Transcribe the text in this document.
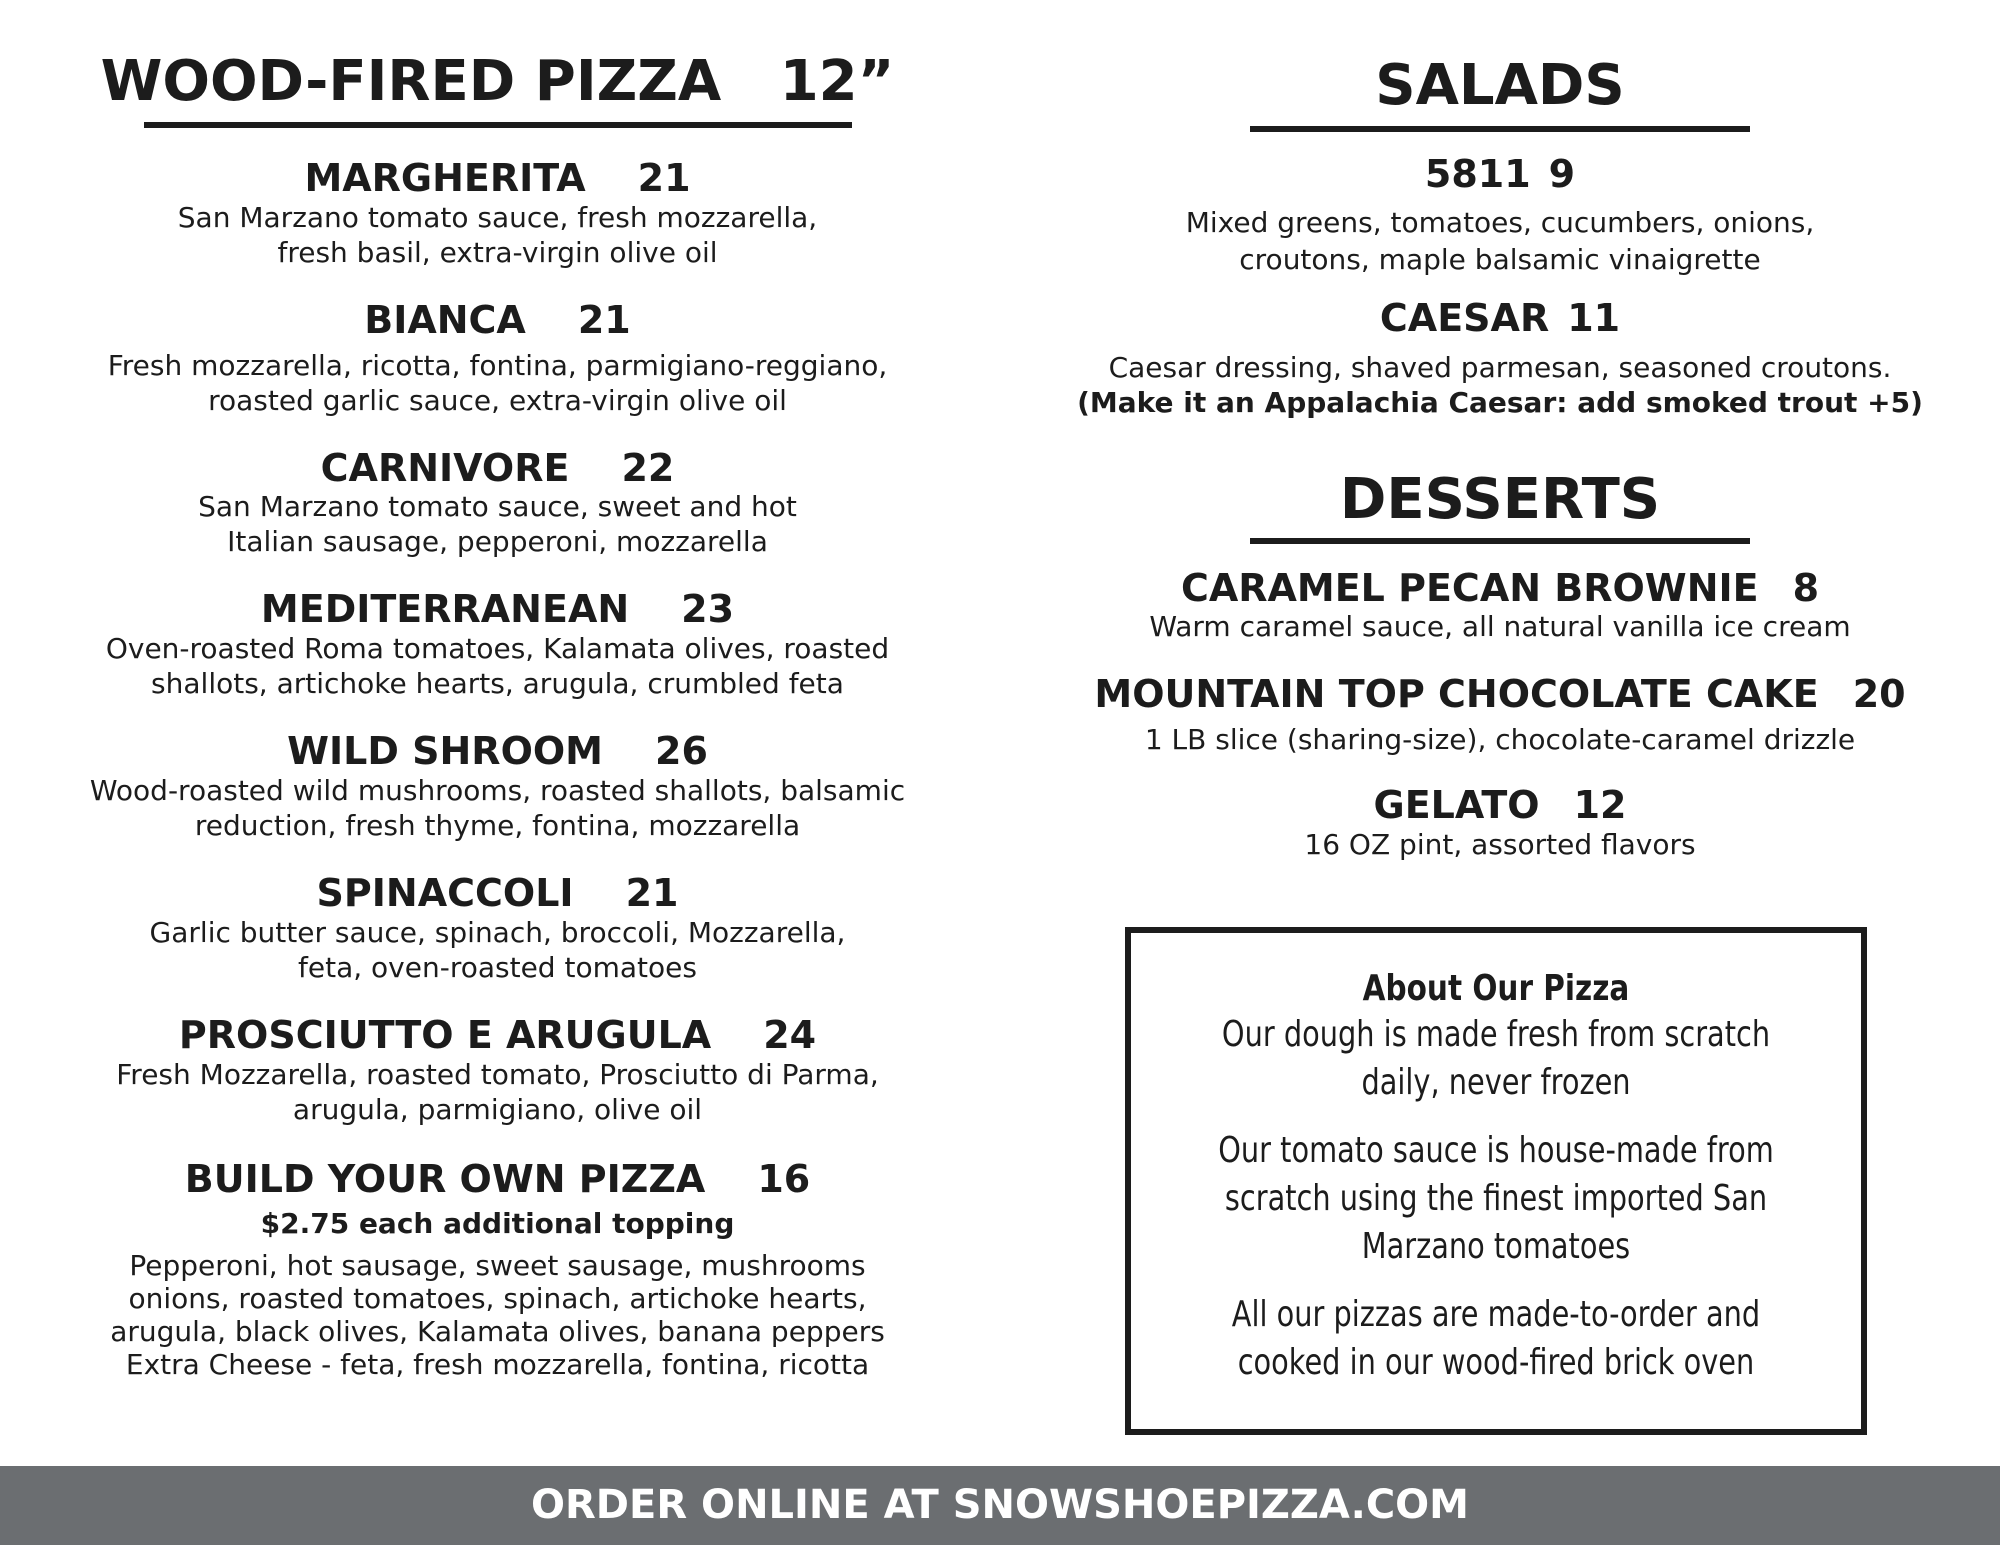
WOOD-FIRED PIZZA   12”
MARGHERITA 21
San Marzano tomato sauce, fresh mozzarella,
fresh basil, extra-virgin olive oil
BIANCA 21
Fresh mozzarella, ricotta, fontina, parmigiano-reggiano,
roasted garlic sauce, extra-virgin olive oil
CARNIVORE 22
San Marzano tomato sauce, sweet and hot
Italian sausage, pepperoni, mozzarella
MEDITERRANEAN 23
Oven-roasted Roma tomatoes, Kalamata olives, roasted
shallots, artichoke hearts, arugula, crumbled feta
WILD SHROOM 26
Wood-roasted wild mushrooms, roasted shallots, balsamic
reduction, fresh thyme, fontina, mozzarella
SPINACCOLI 21
Garlic butter sauce, spinach, broccoli, Mozzarella,
feta, oven-roasted tomatoes
PROSCIUTTO E ARUGULA 24
Fresh Mozzarella, roasted tomato, Prosciutto di Parma,
arugula, parmigiano, olive oil
BUILD YOUR OWN PIZZA 16
$2.75 each additional topping
Pepperoni, hot sausage, sweet sausage, mushrooms
onions, roasted tomatoes, spinach, artichoke hearts,
arugula, black olives, Kalamata olives, banana peppers
Extra Cheese - feta, fresh mozzarella, fontina, ricotta
SALADS
5811 9
Mixed greens, tomatoes, cucumbers, onions,
croutons, maple balsamic vinaigrette
CAESAR 11
Caesar dressing, shaved parmesan, seasoned croutons.
(Make it an Appalachia Caesar: add smoked trout +5)
DESSERTS
CARAMEL PECAN BROWNIE 8
Warm caramel sauce, all natural vanilla ice cream
MOUNTAIN TOP CHOCOLATE CAKE 20
1 LB slice (sharing-size), chocolate-caramel drizzle
GELATO 12
16 OZ pint, assorted flavors
About Our Pizza
Our dough is made fresh from scratch
daily, never frozen
Our tomato sauce is house-made from
scratch using the finest imported San
Marzano tomatoes
All our pizzas are made-to-order and
cooked in our wood-fired brick oven
ORDER ONLINE AT SNOWSHOEPIZZA.COM
